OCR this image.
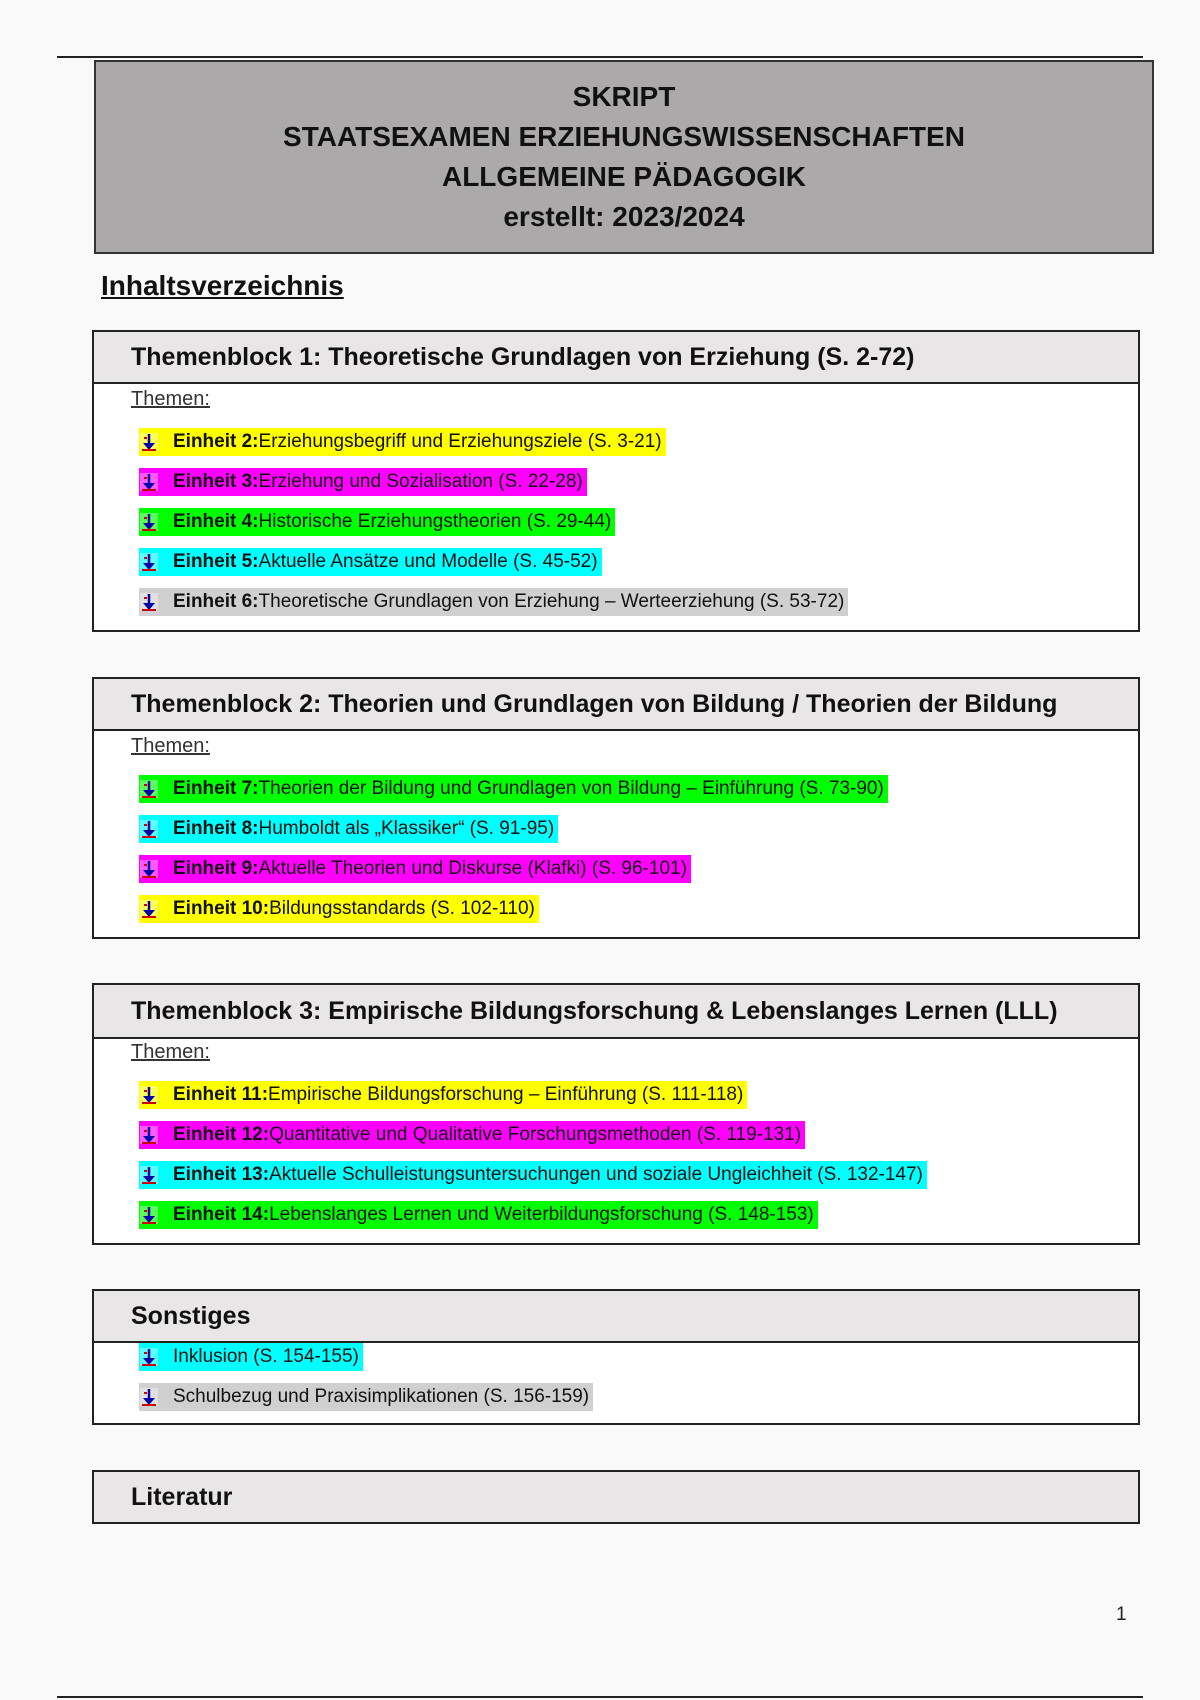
SKRIPT
STAATSEXAMEN ERZIEHUNGSWISSENSCHAFTEN
ALLGEMEINE PÄDAGOGIK
erstellt: 2023/2024
Inhaltsverzeichnis
Themenblock 1: Theoretische Grundlagen von Erziehung (S. 2-72)
Themen:
Einheit 2: Erziehungsbegriff und Erziehungsziele (S. 3-21)
Einheit 3: Erziehung und Sozialisation (S. 22-28)
Einheit 4: Historische Erziehungstheorien (S. 29-44)
Einheit 5: Aktuelle Ansätze und Modelle (S. 45-52)
Einheit 6: Theoretische Grundlagen von Erziehung – Werteerziehung (S. 53-72)
Themenblock 2: Theorien und Grundlagen von Bildung / Theorien der Bildung
Themen:
Einheit 7: Theorien der Bildung und Grundlagen von Bildung – Einführung (S. 73-90)
Einheit 8: Humboldt als „Klassiker“ (S. 91-95)
Einheit 9: Aktuelle Theorien und Diskurse (Klafki) (S. 96-101)
Einheit 10: Bildungsstandards (S. 102-110)
Themenblock 3: Empirische Bildungsforschung & Lebenslanges Lernen (LLL)
Themen:
Einheit 11: Empirische Bildungsforschung – Einführung (S. 111-118)
Einheit 12: Quantitative und Qualitative Forschungsmethoden (S. 119-131)
Einheit 13: Aktuelle Schulleistungsuntersuchungen und soziale Ungleichheit (S. 132-147)
Einheit 14: Lebenslanges Lernen und Weiterbildungsforschung (S. 148-153)
Sonstiges
Inklusion (S. 154-155)
Schulbezug und Praxisimplikationen (S. 156-159)
Literatur
1
